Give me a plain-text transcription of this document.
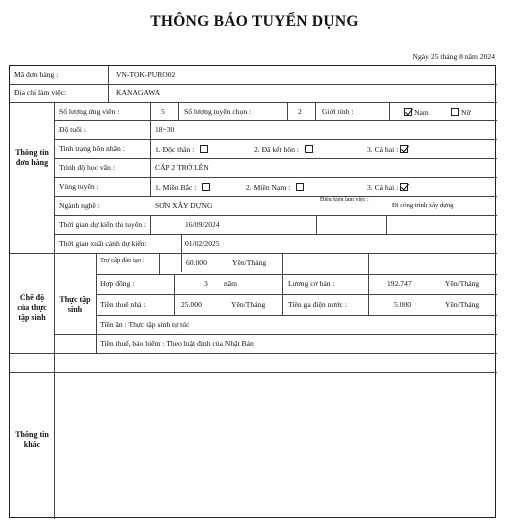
THÔNG BÁO TUYỂN DỤNG
Ngày 25 tháng 8 năm 2024
Mã đơn hàng :	VN-TOK-PURO02
Địa chỉ làm việc:	KANAGAWA
Thông tin đơn hàng
Chế độ của thực tập sinh
Thực tập sinh
Thông tin khác
Số lượng ứng viên :	5	Số lượng tuyển chọn :	2	Giới tính :	Nam	Nữ
Độ tuổi :	18~30
Tình trạng hôn nhân :	1. Độc thân :	2. Đã kết hôn :	3. Cả hai :
Trình độ học vấn :	CẤP 2 TRỞ LÊN
Vùng tuyển :	1. Miền Bắc :	2. Miền Nam :	3. Cả hai :
Ngành nghề :	SƠN XÂY DỰNG
Điều kiện làm việc :
Đi công trình xây dựng
Thời gian dự kiến thi tuyển :	16/09/2024
Thời gian xuất cảnh dự kiến:	01/02/2025
Trợ cấp đào tạo :	60.000	Yên/Tháng
Hợp đồng :	3 năm	Lương cơ bản :	192.747	Yên/Tháng
Tiền thuê nhà :	25.000	Yên/Tháng	Tiền ga điện nước :	5.000	Yên/Tháng
Tiền ăn : Thực tập sinh tự túc
Tiền thuế, bảo hiểm : Theo luật định của Nhật Bản
